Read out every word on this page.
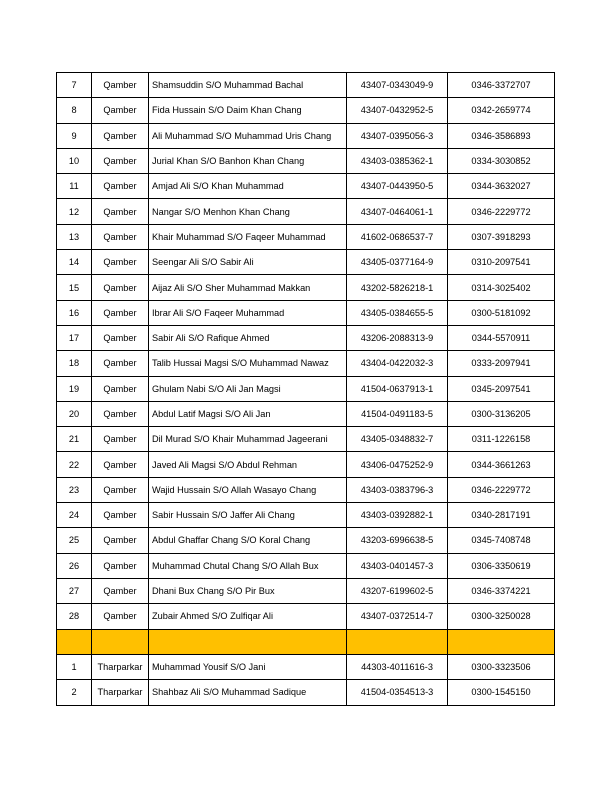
7	Qamber	Shamsuddin S/O Muhammad Bachal	43407-0343049-9	0346-3372707
8	Qamber	Fida Hussain S/O Daim Khan Chang	43407-0432952-5	0342-2659774
9	Qamber	Ali Muhammad S/O Muhammad Uris Chang	43407-0395056-3	0346-3586893
10	Qamber	Jurial Khan S/O Banhon Khan Chang	43403-0385362-1	0334-3030852
11	Qamber	Amjad Ali S/O Khan Muhammad	43407-0443950-5	0344-3632027
12	Qamber	Nangar S/O Menhon Khan Chang	43407-0464061-1	0346-2229772
13	Qamber	Khair Muhammad S/O Faqeer Muhammad	41602-0686537-7	0307-3918293
14	Qamber	Seengar Ali S/O Sabir Ali	43405-0377164-9	0310-2097541
15	Qamber	Aijaz Ali S/O Sher Muhammad Makkan	43202-5826218-1	0314-3025402
16	Qamber	Ibrar Ali S/O Faqeer Muhammad	43405-0384655-5	0300-5181092
17	Qamber	Sabir Ali S/O Rafique Ahmed	43206-2088313-9	0344-5570911
18	Qamber	Talib Hussai Magsi S/O Muhammad Nawaz	43404-0422032-3	0333-2097941
19	Qamber	Ghulam Nabi S/O Ali Jan Magsi	41504-0637913-1	0345-2097541
20	Qamber	Abdul Latif Magsi S/O Ali Jan	41504-0491183-5	0300-3136205
21	Qamber	Dil Murad S/O Khair Muhammad Jageerani	43405-0348832-7	0311-1226158
22	Qamber	Javed Ali Magsi S/O Abdul Rehman	43406-0475252-9	0344-3661263
23	Qamber	Wajid Hussain S/O Allah Wasayo Chang	43403-0383796-3	0346-2229772
24	Qamber	Sabir Hussain S/O Jaffer Ali Chang	43403-0392882-1	0340-2817191
25	Qamber	Abdul Ghaffar Chang S/O Koral Chang	43203-6996638-5	0345-7408748
26	Qamber	Muhammad Chutal Chang S/O Allah Bux	43403-0401457-3	0306-3350619
27	Qamber	Dhani Bux Chang S/O Pir Bux	43207-6199602-5	0346-3374221
28	Qamber	Zubair Ahmed S/O Zulfiqar Ali	43407-0372514-7	0300-3250028

1	Tharparkar	Muhammad Yousif S/O Jani	44303-4011616-3	0300-3323506
2	Tharparkar	Shahbaz Ali S/O Muhammad Sadique	41504-0354513-3	0300-1545150
